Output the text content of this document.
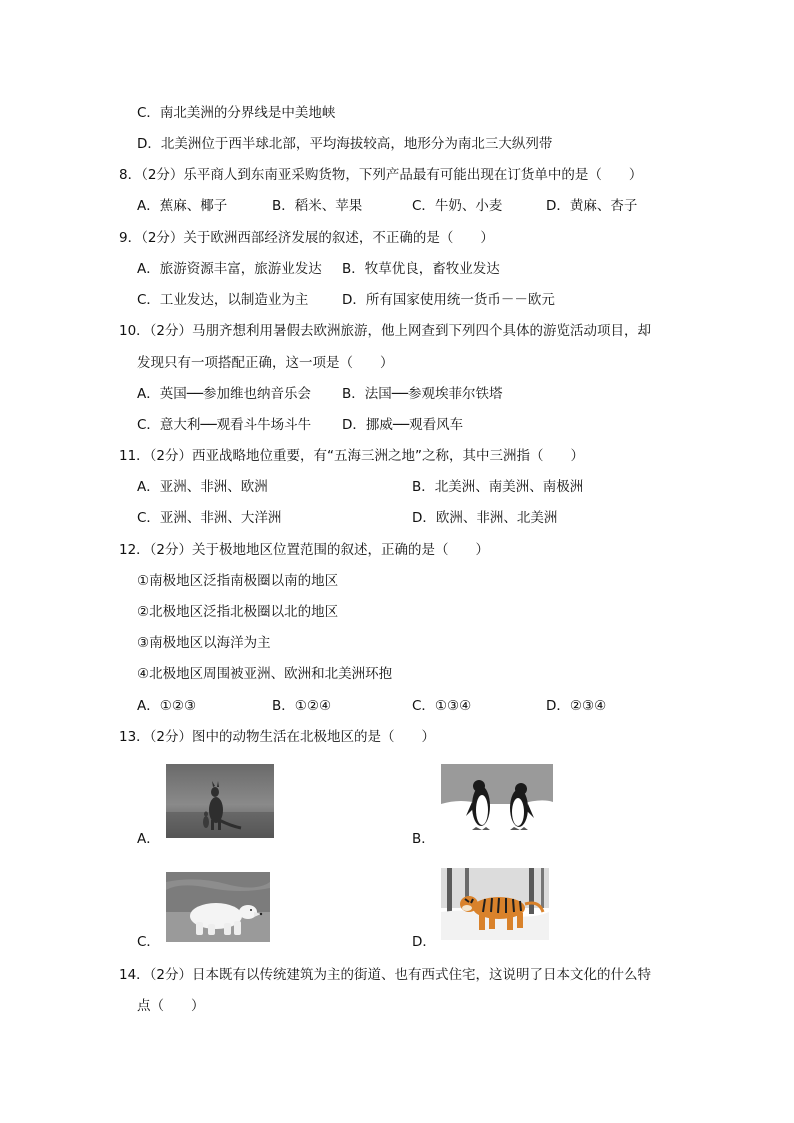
C．南北美洲的分界线是中美地峡
D．北美洲位于西半球北部，平均海拔较高，地形分为南北三大纵列带
8．（2分）乐平商人到东南亚采购货物，下列产品最有可能出现在订货单中的是（　　）
A．蕉麻、椰子	B．稻米、苹果	C．牛奶、小麦	D．黄麻、杏子
9．（2分）关于欧洲西部经济发展的叙述，不正确的是（　　）
A．旅游资源丰富，旅游业发达 B．牧草优良，畜牧业发达
C．工业发达，以制造业为主 D．所有国家使用统一货币－－欧元
10．（2分）马朋齐想利用暑假去欧洲旅游，他上网查到下列四个具体的游览活动项目，却
发现只有一项搭配正确，这一项是（　　）
A．英国──参加维也纳音乐会 B．法国──参观埃菲尔铁塔
C．意大利──观看斗牛场斗牛 D．挪威──观看风车
11．（2分）西亚战略地位重要，有“五海三洲之地”之称，其中三洲指（　　）
A．亚洲、非洲、欧洲	B．北美洲、南美洲、南极洲
C．亚洲、非洲、大洋洲	D．欧洲、非洲、北美洲
12．（2分）关于极地地区位置范围的叙述，正确的是（　　）
①南极地区泛指南极圈以南的地区
②北极地区泛指北极圈以北的地区
③南极地区以海洋为主
④北极地区周围被亚洲、欧洲和北美洲环抱
A．①②③	B．①②④	C．①③④	D．②③④
13．（2分）图中的动物生活在北极地区的是（　　）
A．	B．
C．	D．
14．（2分）日本既有以传统建筑为主的街道、也有西式住宅，这说明了日本文化的什么特
点（　　）
